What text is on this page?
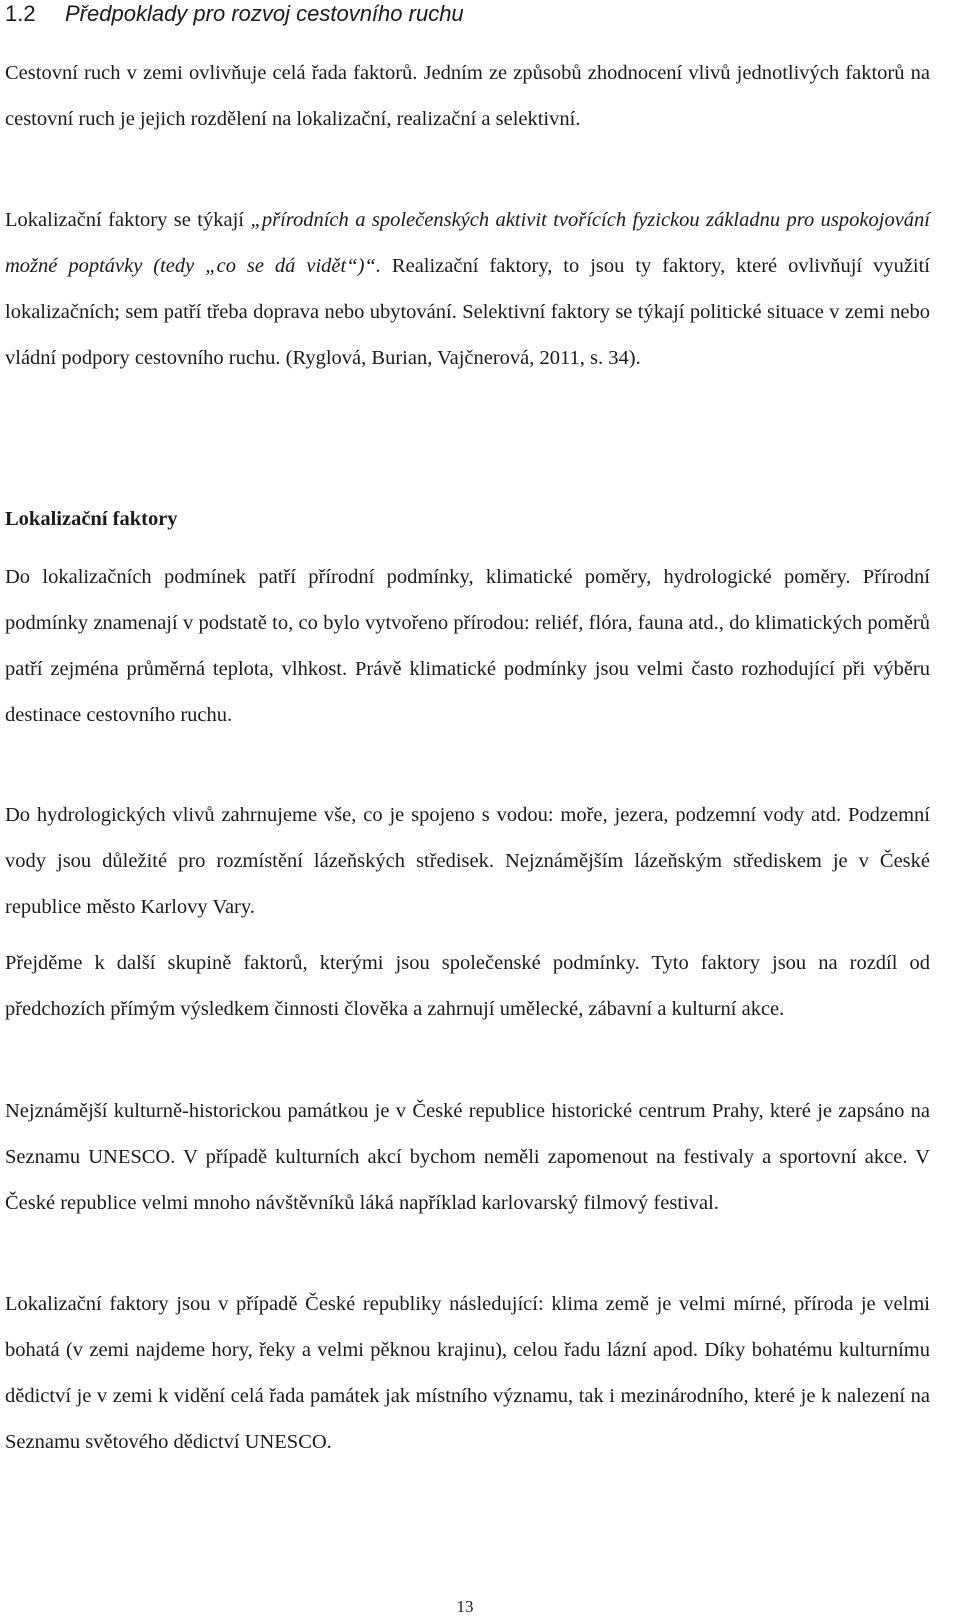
1.2 Předpoklady pro rozvoj cestovního ruchu

Cestovní ruch v zemi ovlivňuje celá řada faktorů. Jedním ze způsobů zhodnocení vlivů jednotlivých faktorů na cestovní ruch je jejich rozdělení na lokalizační, realizační a selektivní.

Lokalizační faktory se týkají „přírodních a společenských aktivit tvořících fyzickou základnu pro uspokojování možné poptávky (tedy „co se dá vidět“)“. Realizační faktory, to jsou ty faktory, které ovlivňují využití lokalizačních; sem patří třeba doprava nebo ubytování. Selektivní faktory se týkají politické situace v zemi nebo vládní podpory cestovního ruchu. (Ryglová, Burian, Vajčnerová, 2011, s. 34).

Lokalizační faktory

Do lokalizačních podmínek patří přírodní podmínky, klimatické poměry, hydrologické poměry. Přírodní podmínky znamenají v podstatě to, co bylo vytvořeno přírodou: reliéf, flóra, fauna atd., do klimatických poměrů patří zejména průměrná teplota, vlhkost. Právě klimatické podmínky jsou velmi často rozhodující při výběru destinace cestovního ruchu.

Do hydrologických vlivů zahrnujeme vše, co je spojeno s vodou: moře, jezera, podzemní vody atd. Podzemní vody jsou důležité pro rozmístění lázeňských středisek. Nejznámějším lázeňským střediskem je v České republice město Karlovy Vary.

Přejděme k další skupině faktorů, kterými jsou společenské podmínky. Tyto faktory jsou na rozdíl od předchozích přímým výsledkem činnosti člověka a zahrnují umělecké, zábavní a kulturní akce.

Nejznámější kulturně-historickou památkou je v České republice historické centrum Prahy, které je zapsáno na Seznamu UNESCO. V případě kulturních akcí bychom neměli zapomenout na festivaly a sportovní akce. V České republice velmi mnoho návštěvníků láká například karlovarský filmový festival.

Lokalizační faktory jsou v případě České republiky následující: klima země je velmi mírné, příroda je velmi bohatá (v zemi najdeme hory, řeky a velmi pěknou krajinu), celou řadu lázní apod. Díky bohatému kulturnímu dědictví je v zemi k vidění celá řada památek jak místního významu, tak i mezinárodního, které je k nalezení na Seznamu světového dědictví UNESCO.

13
